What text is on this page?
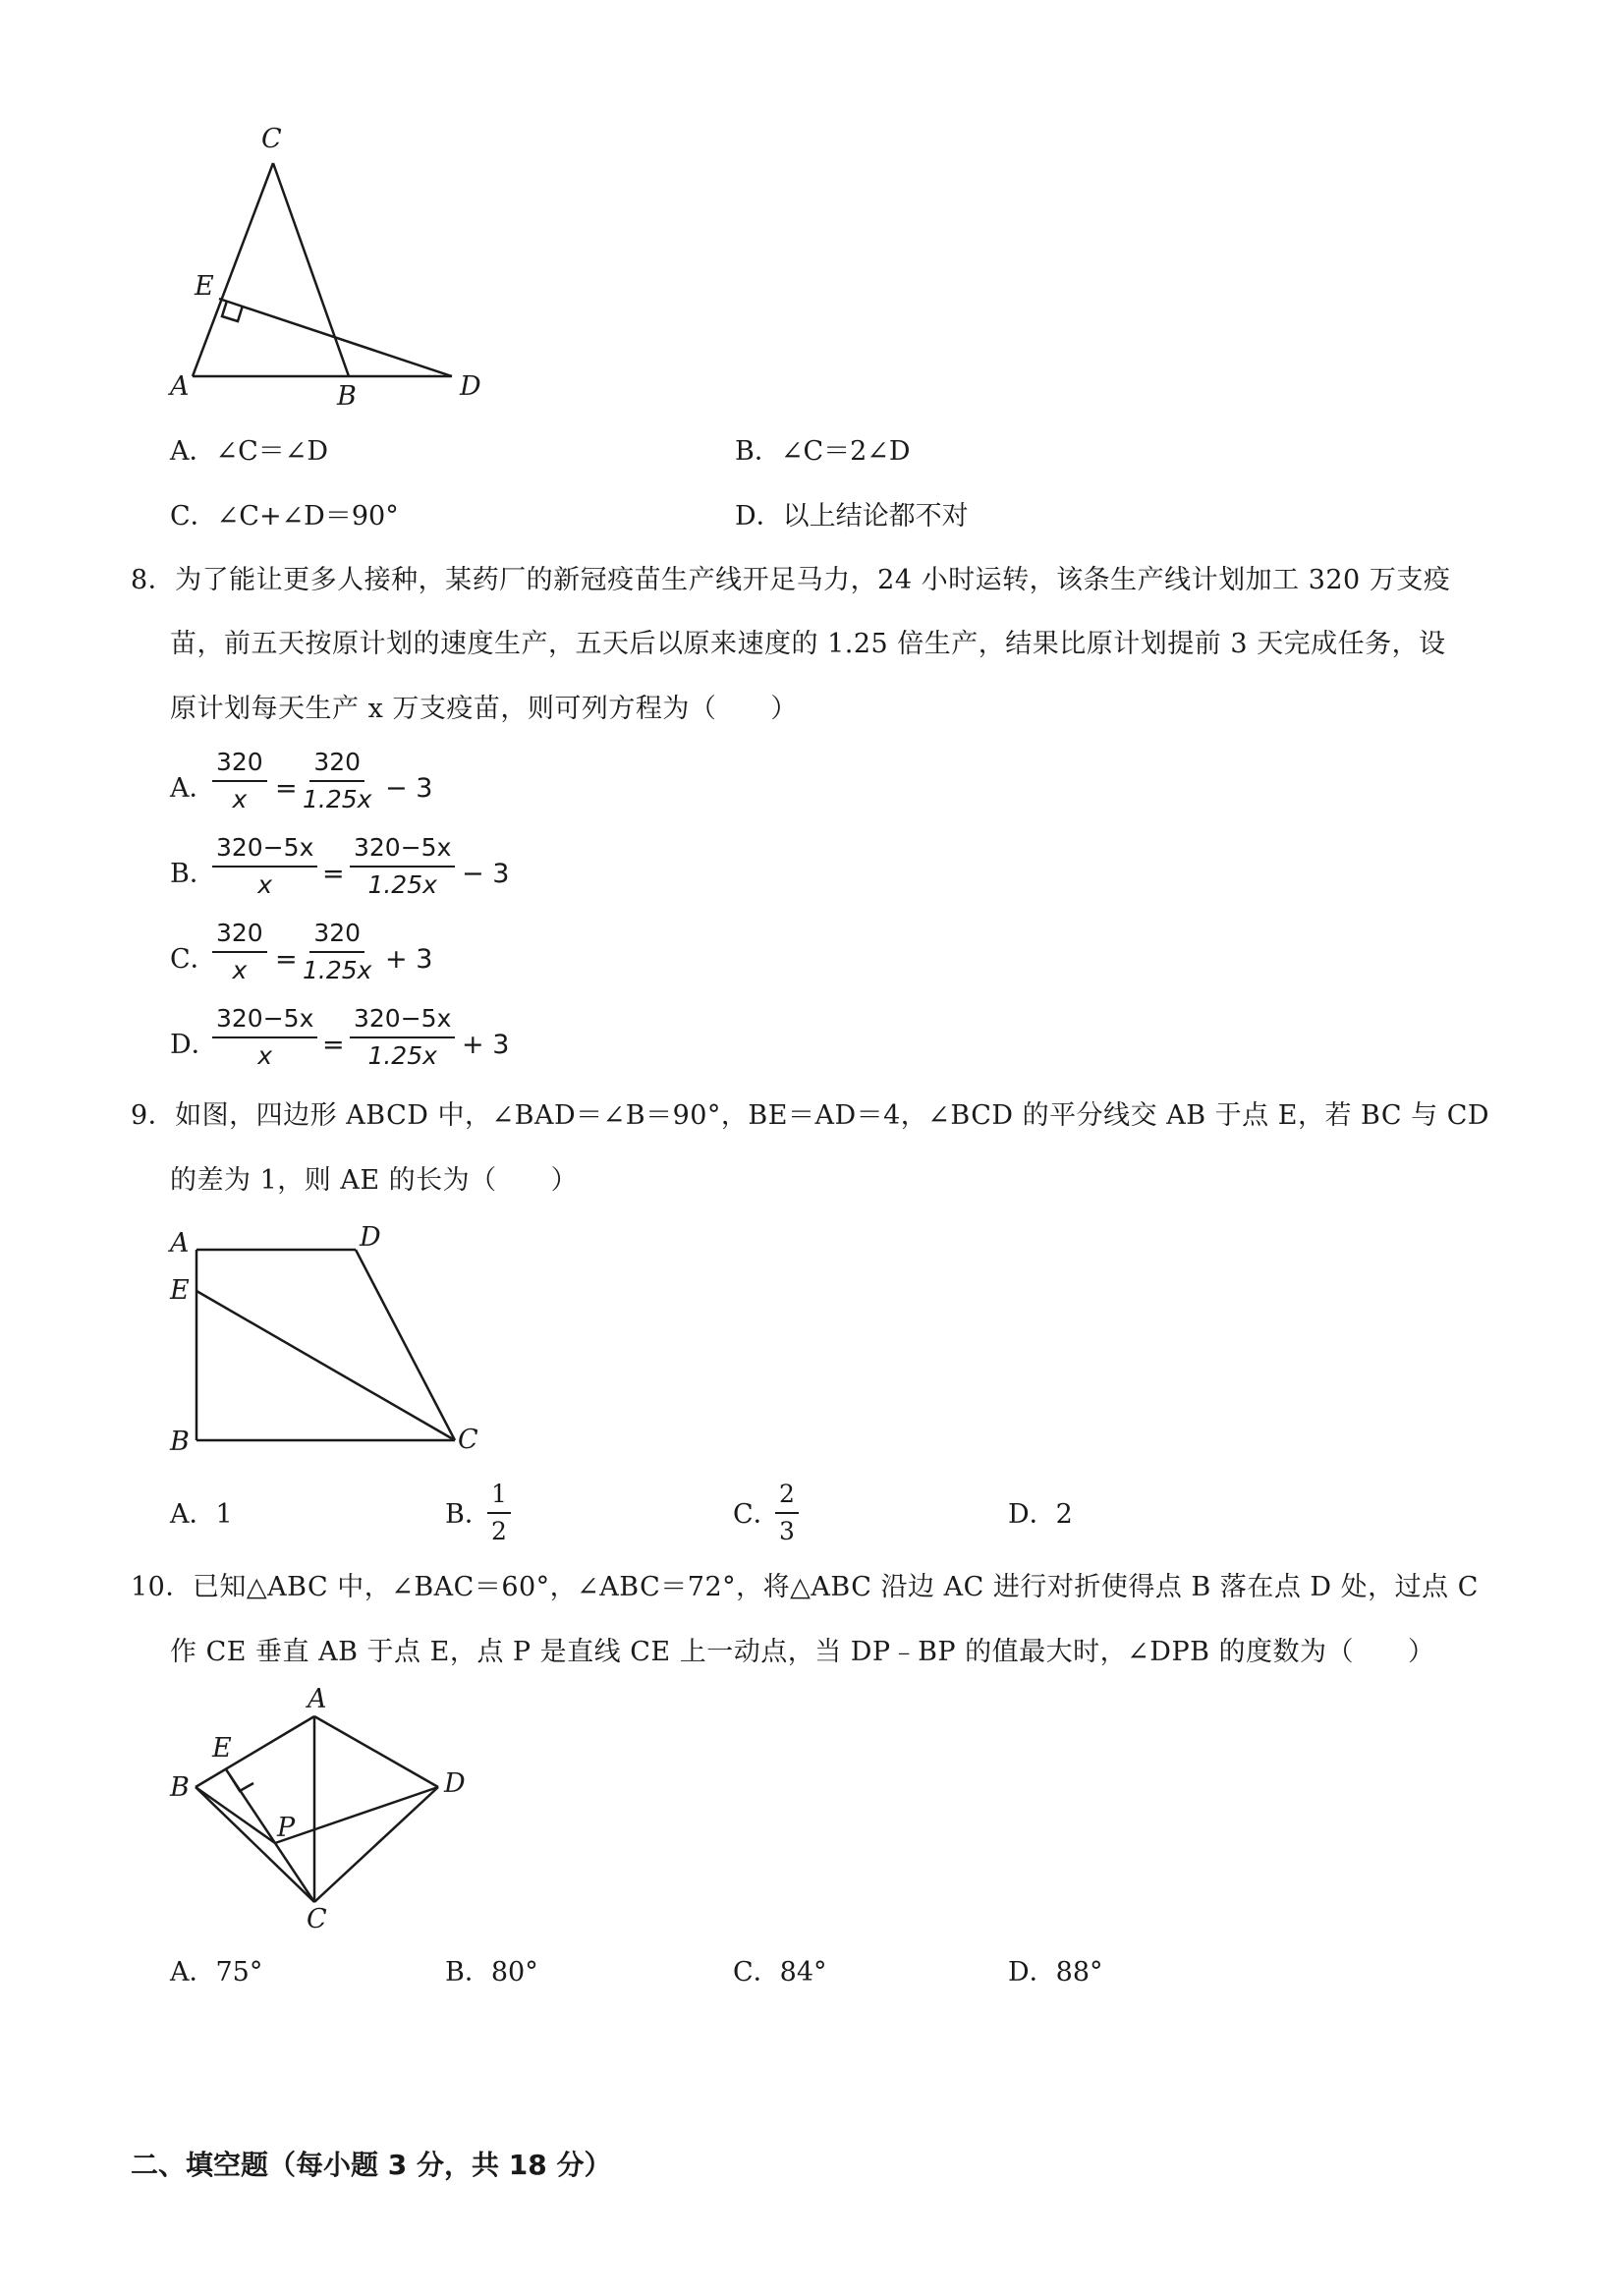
C
E
A	B	D
A．∠C＝∠D	B．∠C＝2∠D
C．∠C+∠D＝90°	D．以上结论都不对
8．为了能让更多人接种，某药厂的新冠疫苗生产线开足马力，24 小时运转，该条生产线计划加工 320 万支疫
苗，前五天按原计划的速度生产，五天后以原来速度的 1.25 倍生产，结果比原计划提前 3 天完成任务，设
原计划每天生产 x 万支疫苗，则可列方程为（　　）
A．
$\frac{320}{x} = \frac{320}{1.25x} - 3$
B．
$\frac{320-5x}{x} = \frac{320-5x}{1.25x} - 3$
C．
$\frac{320}{x} = \frac{320}{1.25x} + 3$
D．
$\frac{320-5x}{x} = \frac{320-5x}{1.25x} + 3$
9．如图，四边形 ABCD 中，∠BAD＝∠B＝90°，BE＝AD＝4，∠BCD 的平分线交 AB 于点 E，若 BC 与 CD
的差为 1，则 AE 的长为（　　）
A	D
E
B	C
A．1	B．
$\frac{1}{2}$	C．
$\frac{2}{3}$	D．2
10．已知△ABC 中，∠BAC＝60°，∠ABC＝72°，将△ABC 沿边 AC 进行对折使得点 B 落在点 D 处，过点 C
作 CE 垂直 AB 于点 E，点 P 是直线 CE 上一动点，当 DP﹣BP 的值最大时，∠DPB 的度数为（　　）
A
E
B	D
P
C
A．75°	B．80°	C．84°	D．88°
二、填空题（每小题 3 分，共 18 分）
